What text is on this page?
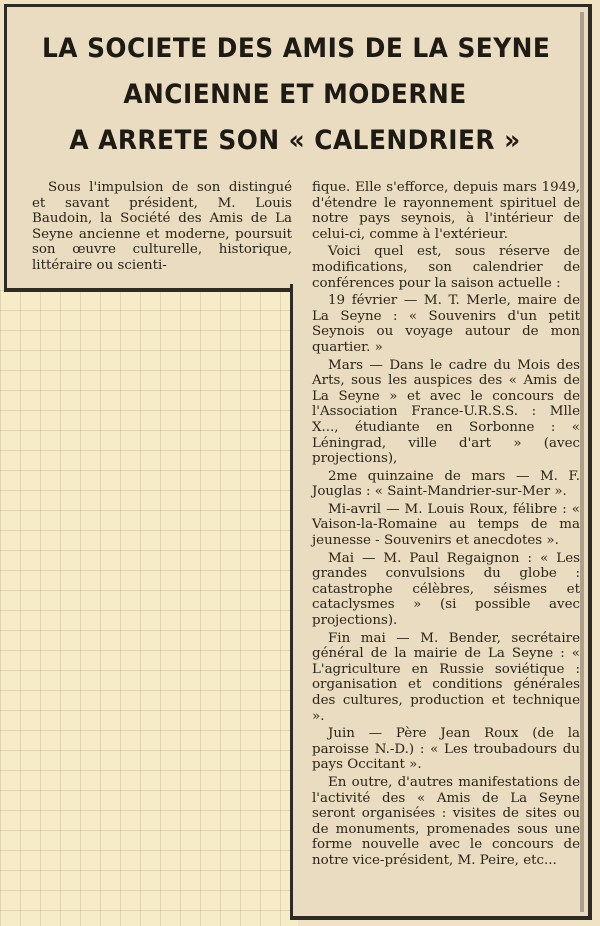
LA SOCIETE DES AMIS DE LA SEYNE
ANCIENNE ET MODERNE
A ARRETE SON « CALENDRIER »

Sous l'impulsion de son distingué et savant président, M. Louis Baudoin, la Société des Amis de La Seyne ancienne et moderne, poursuit son œuvre culturelle, historique, littéraire ou scienti-

fique. Elle s'efforce, depuis mars 1949, d'étendre le rayonnement spirituel de notre pays seynois, à l'intérieur de celui-ci, comme à l'extérieur.

Voici quel est, sous réserve de modifications, son calendrier de conférences pour la saison actuelle :

19 février — M. T. Merle, maire de La Seyne : « Souvenirs d'un petit Seynois ou voyage autour de mon quartier. »

Mars — Dans le cadre du Mois des Arts, sous les auspices des « Amis de La Seyne » et avec le concours de l'Association France-U.R.S.S. : Mlle X..., étudiante en Sorbonne : « Léningrad, ville d'art » (avec projections),

2me quinzaine de mars — M. F. Jouglas : « Saint-Mandrier-sur-Mer ».

Mi-avril — M. Louis Roux, félibre : « Vaison-la-Romaine au temps de ma jeunesse - Souvenirs et anecdotes ».

Mai — M. Paul Regaignon : « Les grandes convulsions du globe : catastrophe célèbres, séismes et cataclysmes » (si possible avec projections).

Fin mai — M. Bender, secrétaire général de la mairie de La Seyne : « L'agriculture en Russie soviétique : organisation et conditions générales des cultures, production et technique ».

Juin — Père Jean Roux (de la paroisse N.-D.) : « Les troubadours du pays Occitant ».

En outre, d'autres manifestations de l'activité des « Amis de La Seyne seront organisées : visites de sites ou de monuments, promenades sous une forme nouvelle avec le concours de notre vice-président, M. Peire, etc...
